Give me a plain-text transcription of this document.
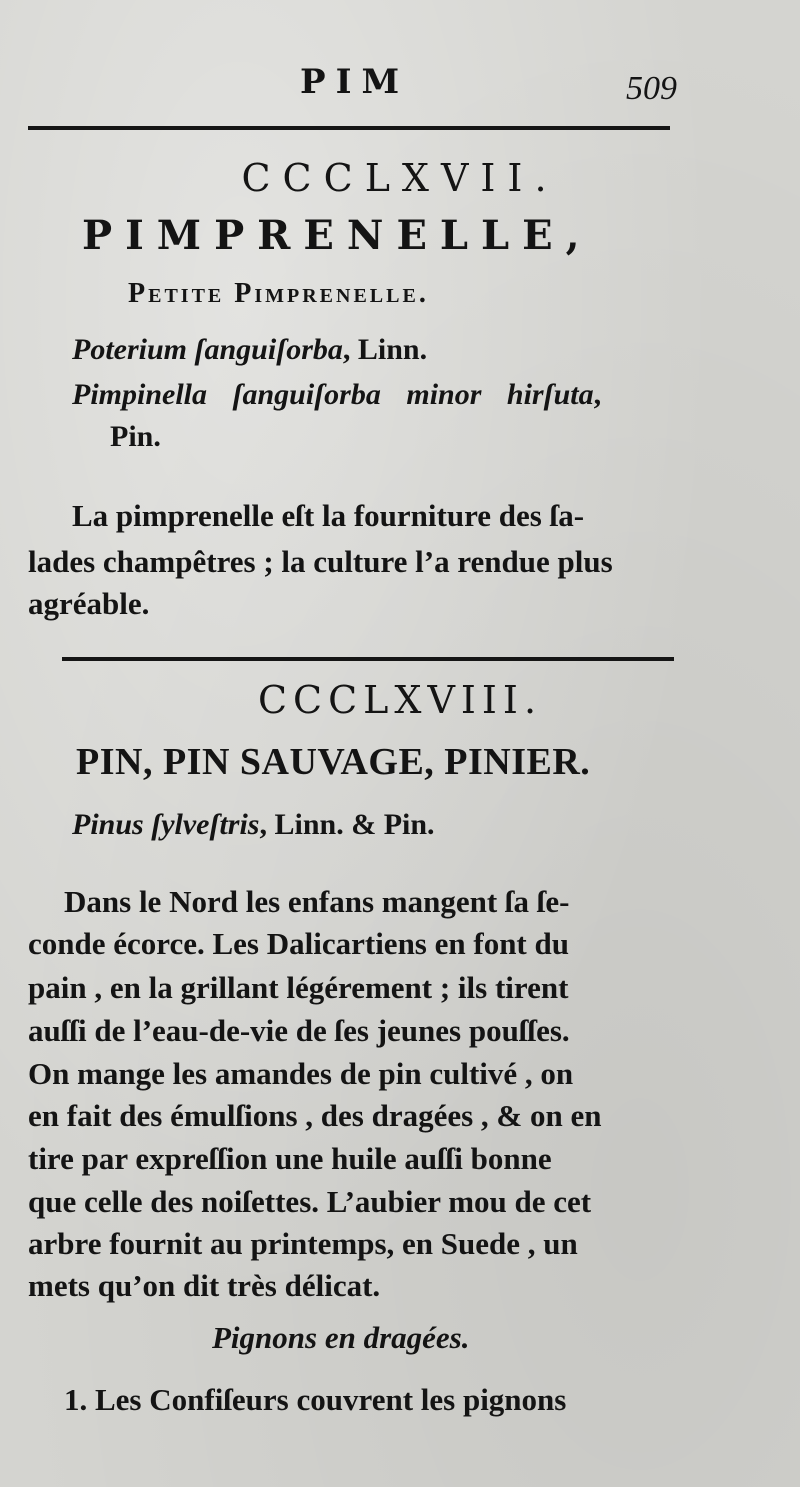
PIM	509
CCCLXVII.
PIMPRENELLE,
Petite Pimprenelle.
Poterium ſanguiſorba, Linn.
Pimpinella ſanguiſorba minor hirſuta,
Pin.
La pimprenelle eſt la fourniture des ſa-
lades champêtres ; la culture l’a rendue plus
agréable.
CCCLXVIII.
PIN, PIN SAUVAGE, PINIER.
Pinus ſylveſtris, Linn. & Pin.
Dans le Nord les enfans mangent ſa ſe-
conde écorce. Les Dalicartiens en font du
pain , en la grillant légérement ; ils tirent
auſſi de l’eau-de-vie de ſes jeunes pouſſes.
On mange les amandes de pin cultivé , on
en fait des émulſions , des dragées , & on en
tire par expreſſion une huile auſſi bonne
que celle des noiſettes. L’aubier mou de cet
arbre fournit au printemps, en Suede , un
mets qu’on dit très délicat.
Pignons en dragées.
1. Les Confiſeurs couvrent les pignons
